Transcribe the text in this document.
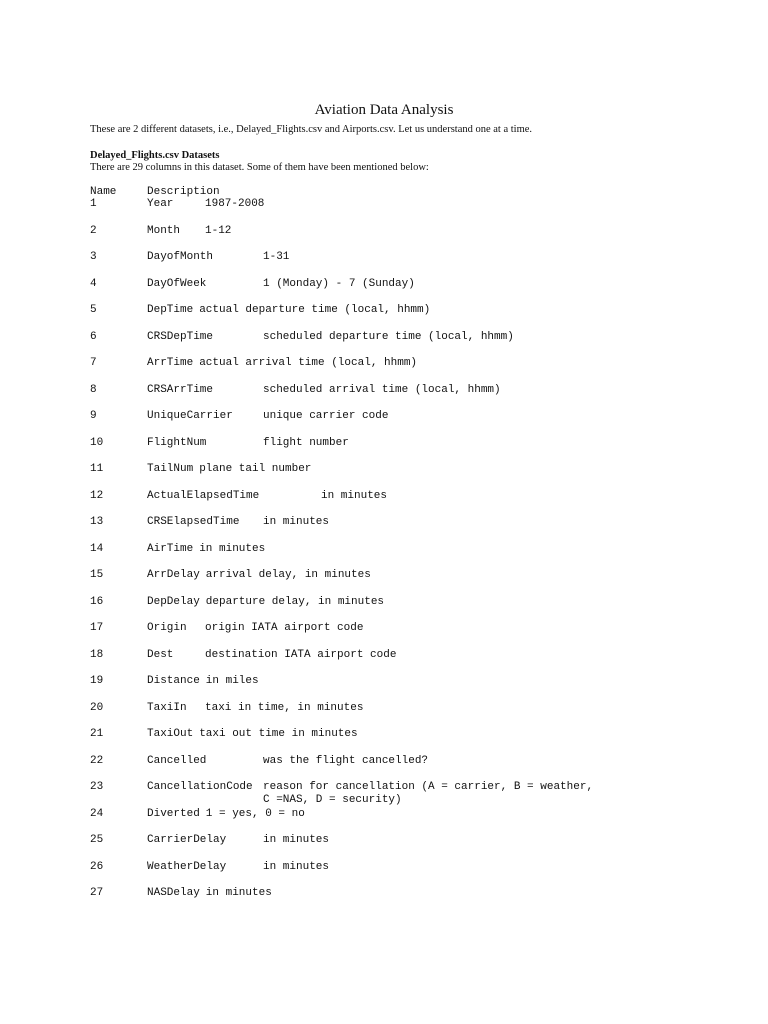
Aviation Data Analysis
These are 2 different datasets, i.e., Delayed_Flights.csv and Airports.csv. Let us understand one at a time.
Delayed_Flights.csv Datasets
There are 29 columns in this dataset. Some of them have been mentioned below:
Name	Description
1	Year	1987-2008
2	Month 1-12
3	DayofMonth	1-31
4	DayOfWeek	1 (Monday) - 7 (Sunday)
5	DepTime actual departure time (local, hhmm)
6	CRSDepTime	scheduled departure time (local, hhmm)
7	ArrTime actual arrival time (local, hhmm)
8	CRSArrTime	scheduled arrival time (local, hhmm)
9	UniqueCarrier	unique carrier code
10	FlightNum	flight number
11	TailNum plane tail number
12	ActualElapsedTime	in minutes
13	CRSElapsedTime in minutes
14	AirTime in minutes
15	ArrDelay arrival delay, in minutes
16	DepDelay departure delay, in minutes
17	Origin origin IATA airport code
18	Dest	destination IATA airport code
19	Distance in miles
20	TaxiIn taxi in time, in minutes
21	TaxiOut taxi out time in minutes
22	Cancelled	was the flight cancelled?
23	CancellationCode reason for cancellation (A = carrier, B = weather,
C =NAS, D = security)
24	Diverted 1 = yes, 0 = no
25	CarrierDelay	in minutes
26	WeatherDelay	in minutes
27	NASDelay in minutes
